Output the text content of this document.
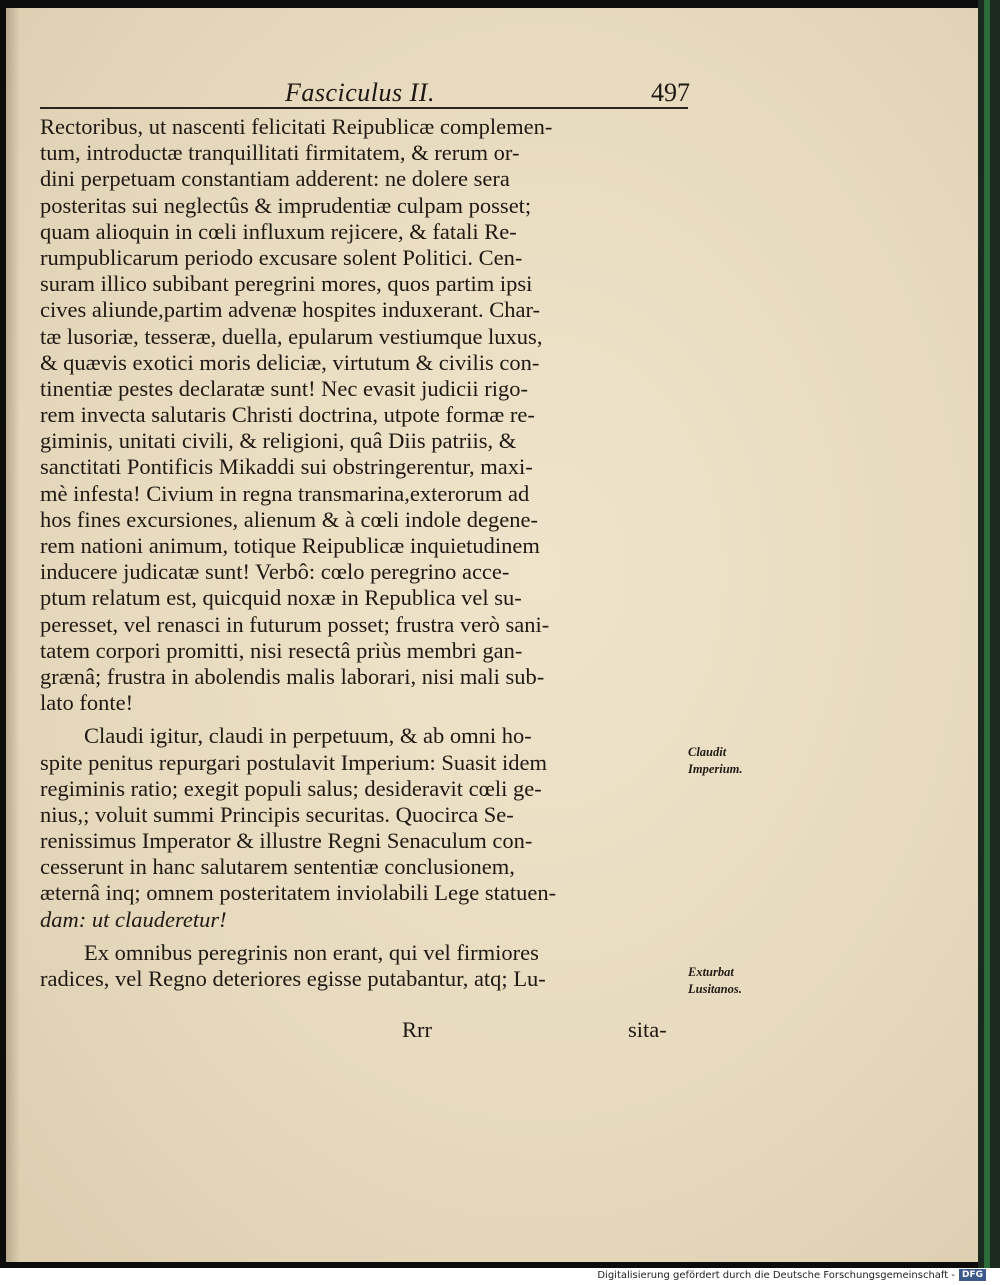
Fasciculus II.	497
Rectoribus, ut nascenti felicitati Reipublicæ complemen-
tum, introductæ tranquillitati firmitatem, & rerum or-
dini perpetuam constantiam adderent: ne dolere sera
posteritas sui neglectûs & imprudentiæ culpam posset;
quam alioquin in cœli influxum rejicere, & fatali Re-
rumpublicarum periodo excusare solent Politici. Cen-
suram illico subibant peregrini mores, quos partim ipsi
cives aliunde,partim advenæ hospites induxerant. Char-
tæ lusoriæ, tesseræ, duella, epularum vestiumque luxus,
& quævis exotici moris deliciæ, virtutum & civilis con-
tinentiæ pestes declaratæ sunt! Nec evasit judicii rigo-
rem invecta salutaris Christi doctrina, utpote formæ re-
giminis, unitati civili, & religioni, quâ Diis patriis, &
sanctitati Pontificis Mikaddi sui obstringerentur, maxi-
mè infesta! Civium in regna transmarina,exterorum ad
hos fines excursiones, alienum & à cœli indole degene-
rem nationi animum, totique Reipublicæ inquietudinem
inducere judicatæ sunt! Verbô: cœlo peregrino acce-
ptum relatum est, quicquid noxæ in Republica vel su-
peresset, vel renasci in futurum posset; frustra verò sani-
tatem corpori promitti, nisi resectâ priùs membri gan-
grænâ; frustra in abolendis malis laborari, nisi mali sub-
lato fonte!
Claudi igitur, claudi in perpetuum, & ab omni ho-
spite penitus repurgari postulavit Imperium: Suasit idem
regiminis ratio; exegit populi salus; desideravit cœli ge-
nius,; voluit summi Principis securitas. Quocirca Se-
renissimus Imperator & illustre Regni Senaculum con-
cesserunt in hanc salutarem sententiæ conclusionem,
æternâ inq; omnem posteritatem inviolabili Lege statuen-
dam: ut clauderetur!
Ex omnibus peregrinis non erant, qui vel firmiores
radices, vel Regno deteriores egisse putabantur, atq; Lu-
Claudit
Imperium.
Exturbat
Lusitanos.
Rrr	sita-
Digitalisierung gefördert durch die Deutsche Forschungsgemeinschaft - DFG
